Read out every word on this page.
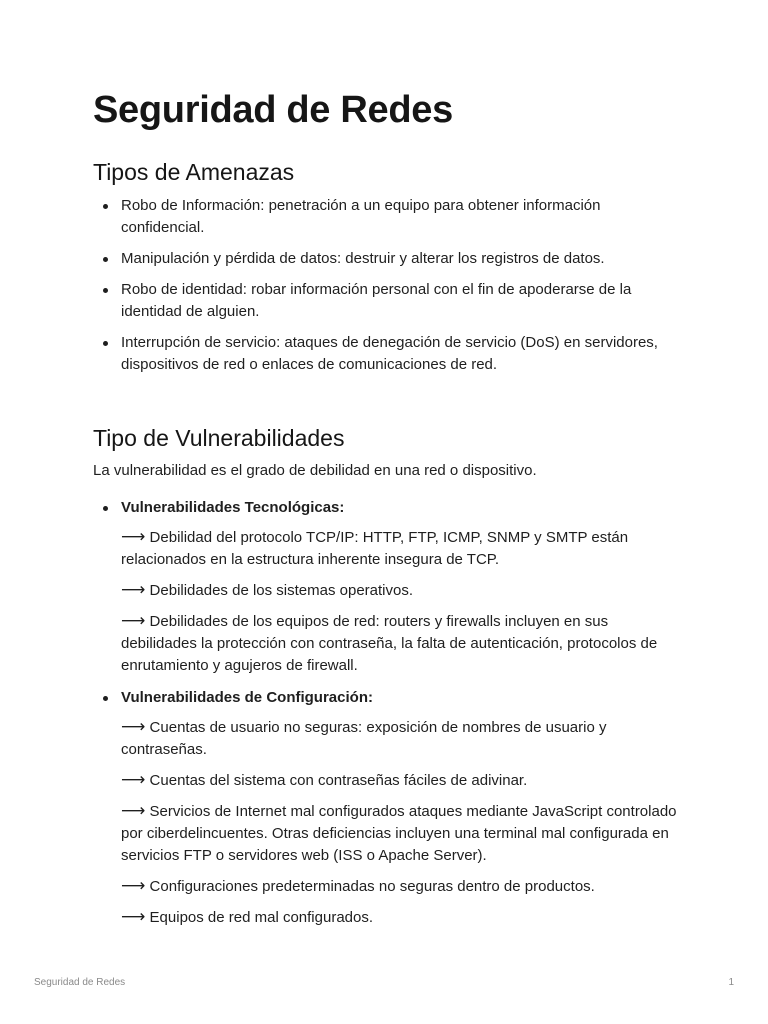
Seguridad de Redes
Tipos de Amenazas
Robo de Información: penetración a un equipo para obtener información confidencial.
Manipulación y pérdida de datos: destruir y alterar los registros de datos.
Robo de identidad: robar información personal con el fin de apoderarse de la identidad de alguien.
Interrupción de servicio: ataques de denegación de servicio (DoS) en servidores, dispositivos de red o enlaces de comunicaciones de red.
Tipo de Vulnerabilidades

La vulnerabilidad es el grado de debilidad en una red o dispositivo.

Vulnerabilidades Tecnológicas:

⟶ Debilidad del protocolo TCP/IP: HTTP, FTP, ICMP, SNMP y SMTP están relacionados en la estructura inherente insegura de TCP.

⟶ Debilidades de los sistemas operativos.

⟶ Debilidades de los equipos de red: routers y firewalls incluyen en sus debilidades la protección con contraseña, la falta de autenticación, protocolos de enrutamiento y agujeros de firewall.

Vulnerabilidades de Configuración:

⟶ Cuentas de usuario no seguras: exposición de nombres de usuario y contraseñas.

⟶ Cuentas del sistema con contraseñas fáciles de adivinar.

⟶ Servicios de Internet mal configurados ataques mediante JavaScript controlado por ciberdelincuentes. Otras deficiencias incluyen una terminal mal configurada en servicios FTP o servidores web (ISS o Apache Server).

⟶ Configuraciones predeterminadas no seguras dentro de productos.

⟶ Equipos de red mal configurados.

Seguridad de Redes	1
